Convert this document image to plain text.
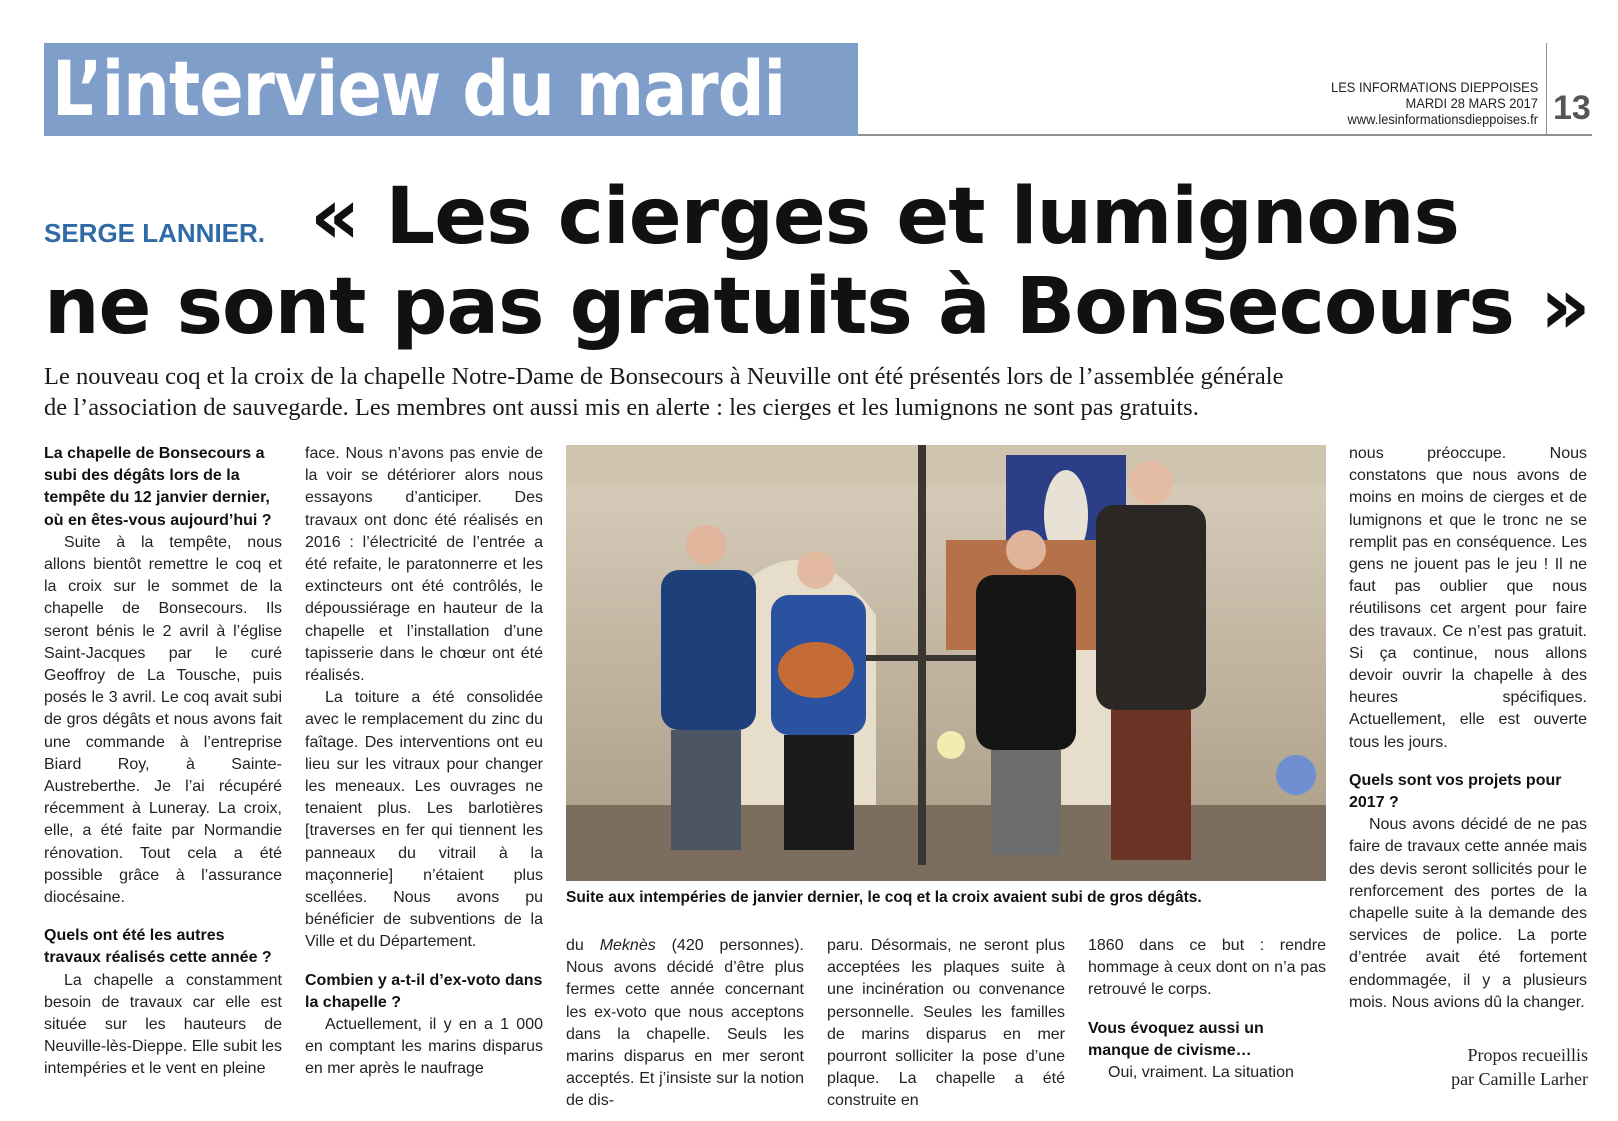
L’interview du mardi	LES INFORMATIONS DIEPPOISES
MARDI 28 MARS 2017
www.lesinformationsdieppoises.fr 13
SERGE LANNIER. « Les cierges et lumignons
ne sont pas gratuits à Bonsecours »
Le nouveau coq et la croix de la chapelle Notre-Dame de Bonsecours à Neuville ont été présentés lors de l’assemblée générale
de l’association de sauvegarde. Les membres ont aussi mis en alerte : les cierges et les lumignons ne sont pas gratuits.

La chapelle de Bonsecours a subi des dégâts lors de la tempête du 12 janvier dernier, où en êtes-vous aujourd’hui ?

Suite à la tempête, nous allons bientôt remettre le coq et la croix sur le sommet de la chapelle de Bonsecours. Ils seront bénis le 2 avril à l’église Saint-Jacques par le curé Geoffroy de La Tousche, puis posés le 3 avril. Le coq avait subi de gros dégâts et nous avons fait une commande à l’entreprise Biard Roy, à Sainte-Austreberthe. Je l’ai récupéré récemment à Luneray. La croix, elle, a été faite par Normandie rénovation. Tout cela a été possible grâce à l’assurance diocésaine.

Quels ont été les autres travaux réalisés cette année ?

La chapelle a constamment besoin de travaux car elle est située sur les hauteurs de Neuville-lès-Dieppe. Elle subit les intempéries et le vent en pleine

face. Nous n’avons pas envie de la voir se détériorer alors nous essayons d’anticiper. Des travaux ont donc été réalisés en 2016 : l’électricité de l’entrée a été refaite, le paratonnerre et les extincteurs ont été contrôlés, le dépoussiérage en hauteur de la chapelle et l’installation d’une tapisserie dans le chœur ont été réalisés.

La toiture a été consolidée avec le remplacement du zinc du faîtage. Des interventions ont eu lieu sur les vitraux pour changer les meneaux. Les ouvrages ne tenaient plus. Les barlotières [traverses en fer qui tiennent les panneaux du vitrail à la maçonnerie] n’étaient plus scellées. Nous avons pu bénéficier de subventions de la Ville et du Département.

Combien y a-t-il d’ex-voto dans la chapelle ?

Actuellement, il y en a 1 000 en comptant les marins disparus en mer après le naufrage

Suite aux intempéries de janvier dernier, le coq et la croix avaient subi de gros dégâts.

du Meknès (420 personnes). Nous avons décidé d’être plus fermes cette année concernant les ex-voto que nous acceptons dans la chapelle. Seuls les marins disparus en mer seront acceptés. Et j’insiste sur la notion de dis-

paru. Désormais, ne seront plus acceptées les plaques suite à une incinération ou convenance personnelle. Seules les familles de marins disparus en mer pourront solliciter la pose d’une plaque. La chapelle a été construite en

1860 dans ce but : rendre hommage à ceux dont on n’a pas retrouvé le corps.

Vous évoquez aussi un manque de civisme…

Oui, vraiment. La situation

nous préoccupe. Nous constatons que nous avons de moins en moins de cierges et de lumignons et que le tronc ne se remplit pas en conséquence. Les gens ne jouent pas le jeu ! Il ne faut pas oublier que nous réutilisons cet argent pour faire des travaux. Ce n’est pas gratuit. Si ça continue, nous allons devoir ouvrir la chapelle à des heures spécifiques. Actuellement, elle est ouverte tous les jours.

Quels sont vos projets pour 2017 ?

Nous avons décidé de ne pas faire de travaux cette année mais des devis seront sollicités pour le renforcement des portes de la chapelle suite à la demande des services de police. La porte d’entrée avait été fortement endommagée, il y a plusieurs mois. Nous avions dû la changer.

Propos recueillis
par Camille Larher
